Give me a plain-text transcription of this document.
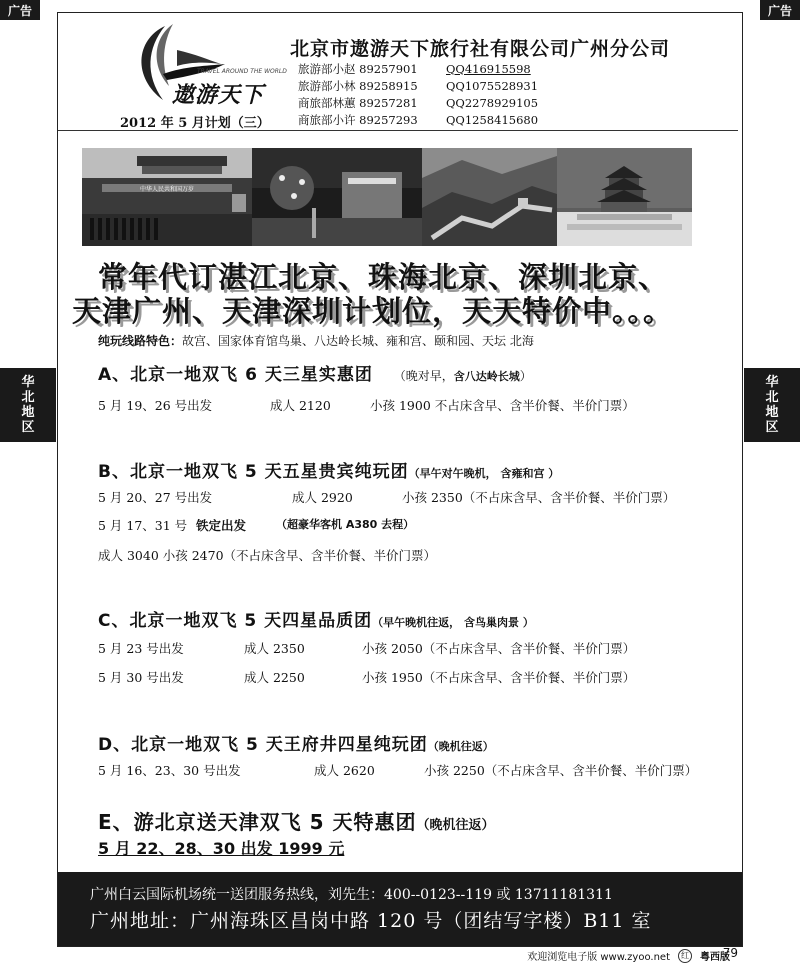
广告	广告
华
北
地
区
华
北
地
区
TRAVEL AROUND THE WORLD
遨游天下
2012 年 5 月计划（三）
北京市遨游天下旅行社有限公司广州分公司
旅游部小赵 89257901	QQ416915598
旅游部小林 89258915	QQ1075528931
商旅部林蕙 89257281	QQ2278929105
商旅部小许 89257293	QQ1258415680
中华人民共和国万岁
常年代订湛江北京、珠海北京、深圳北京、
天津广州、天津深圳计划位，天天特价中。。。
纯玩线路特色：故宫、国家体育馆鸟巢、八达岭长城、雍和宫、颐和园、天坛 北海
A、北京一地双飞 6 天三星实惠团 （晚对早，含八达岭长城）
5 月 19、26 号出发	成人 2120	小孩 1900 不占床含早、含半价餐、半价门票）
B、北京一地双飞 5 天五星贵宾纯玩团（早午对午晚机， 含雍和宫 ）
5 月 20、27 号出发	成人 2920	小孩 2350（不占床含早、含半价餐、半价门票）
5 月 17、31 号 铁定出发	（超豪华客机 A380 去程）
成人 3040 小孩 2470（不占床含早、含半价餐、半价门票）
C、北京一地双飞 5 天四星品质团（早午晚机往返， 含鸟巢肉景 ）
5 月 23 号出发	成人 2350	小孩 2050（不占床含早、含半价餐、半价门票）
5 月 30 号出发	成人 2250	小孩 1950（不占床含早、含半价餐、半价门票）
D、北京一地双飞 5 天王府井四星纯玩团（晚机往返）
5 月 16、23、30 号出发	成人 2620	小孩 2250（不占床含早、含半价餐、半价门票）
E、游北京送天津双飞 5 天特惠团（晚机往返）
5 月 22、28、30 出发 1999 元
广州白云国际机场统一送团服务热线，刘先生：400--0123--119 或 13711181311
广州地址：广州海珠区昌岗中路 120 号（团结写字楼）B11 室
欢迎浏览电子版 www.zyoo.net	红	粤西版
79
